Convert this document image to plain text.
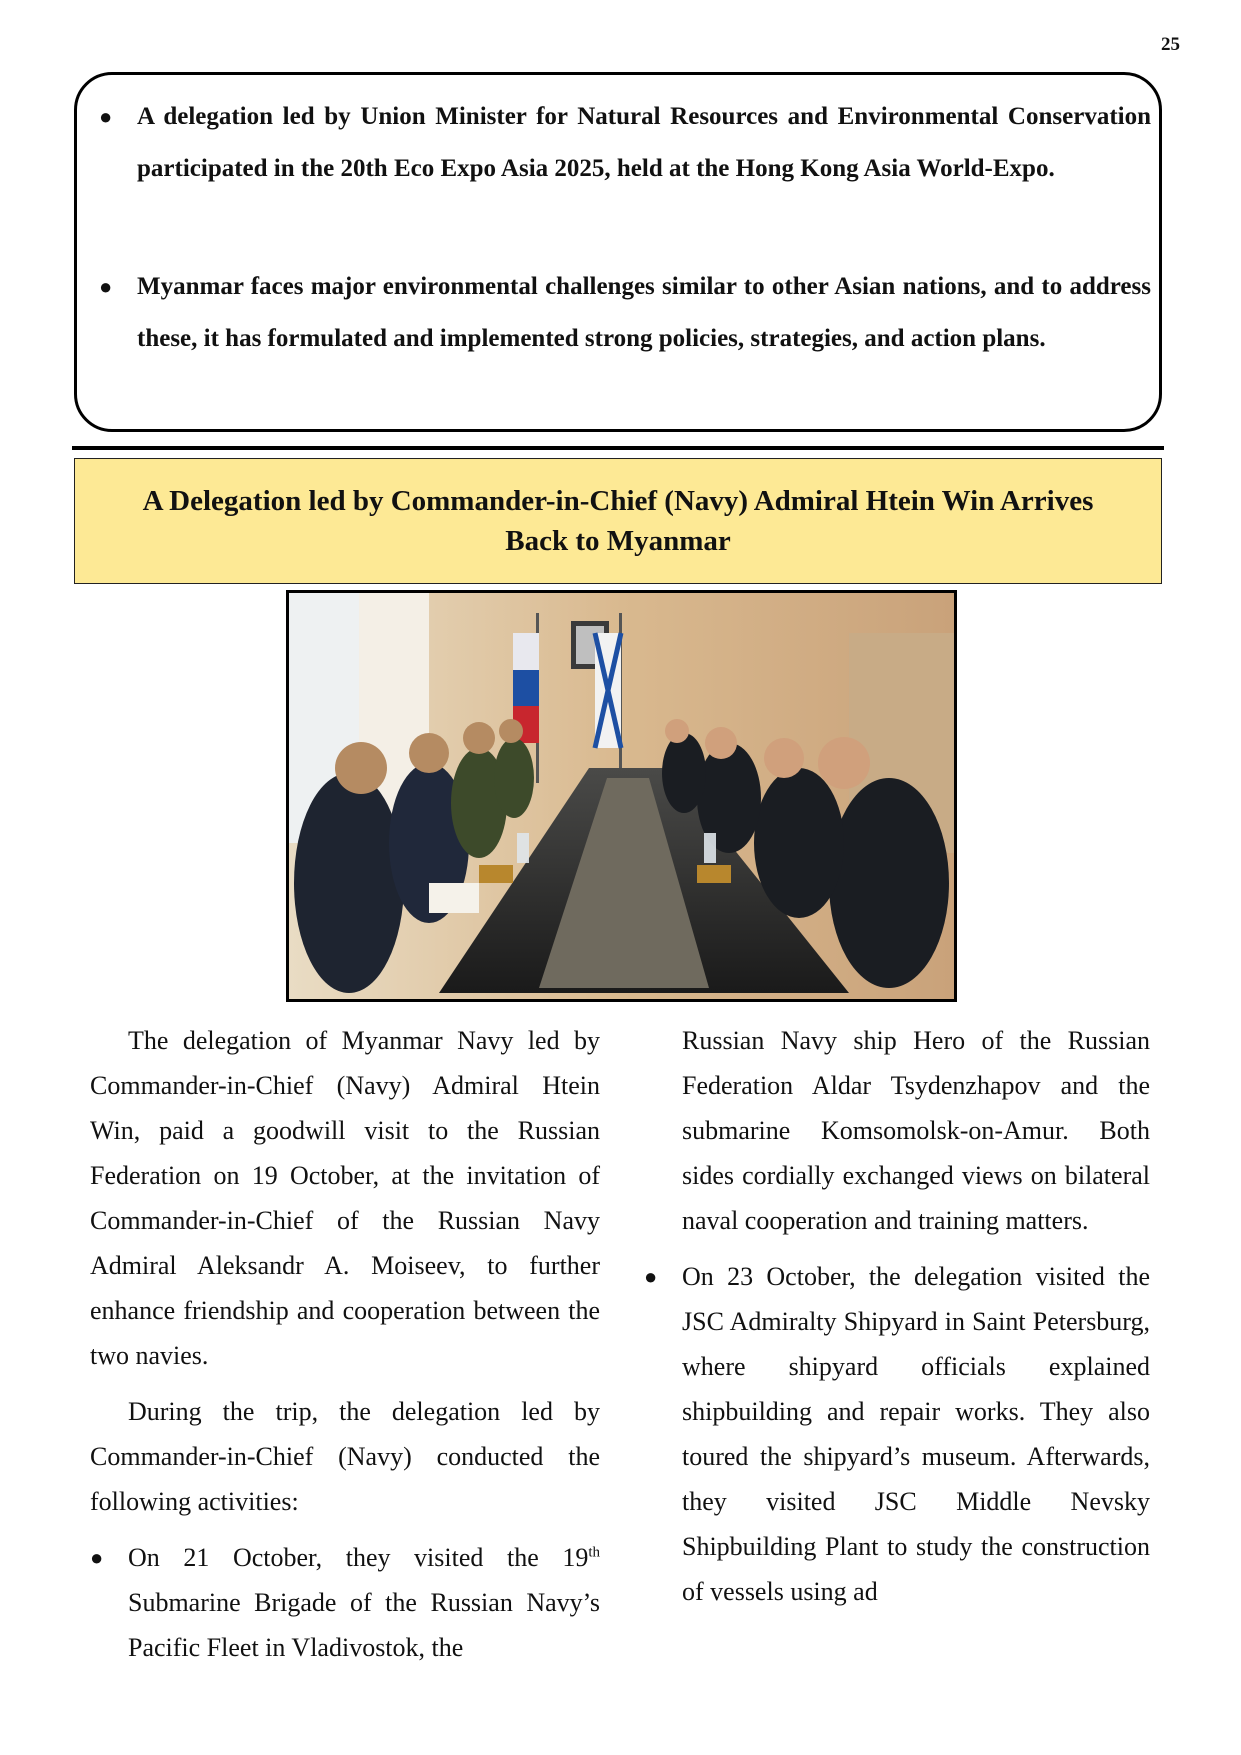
25
● A delegation led by Union Minister for Natural Resources and Environmental Conservation participated in the 20th Eco Expo Asia 2025, held at the Hong Kong Asia World-Expo.
● Myanmar faces major environmental challenges similar to other Asian nations, and to address these, it has formulated and implemented strong policies, strategies, and action plans.
A Delegation led by Commander-in-Chief (Navy) Admiral Htein Win Arrives
Back to Myanmar

The delegation of Myanmar Navy led by Commander-in-Chief (Navy) Admiral Htein Win, paid a goodwill visit to the Russian Federation on 19 October, at the invitation of Commander-in-Chief of the Russian Navy Admiral Aleksandr A. Moiseev, to further enhance friendship and cooperation between the two navies.

During the trip, the delegation led by Commander-in-Chief (Navy) conducted the following activities:

● On 21 October, they visited the 19th Submarine Brigade of the Russian Navy’s Pacific Fleet in Vladivostok, the
Russian Navy ship Hero of the Russian Federation Aldar Tsydenzhapov and the submarine Komsomolsk-on-Amur. Both sides cordially exchanged views on bilateral naval cooperation and training matters.
● On 23 October, the delegation visited the JSC Admiralty Shipyard in Saint Petersburg, where shipyard officials explained shipbuilding and repair works. They also toured the shipyard’s museum. Afterwards, they visited JSC Middle Nevsky Shipbuilding Plant to study the construction of vessels using ad
